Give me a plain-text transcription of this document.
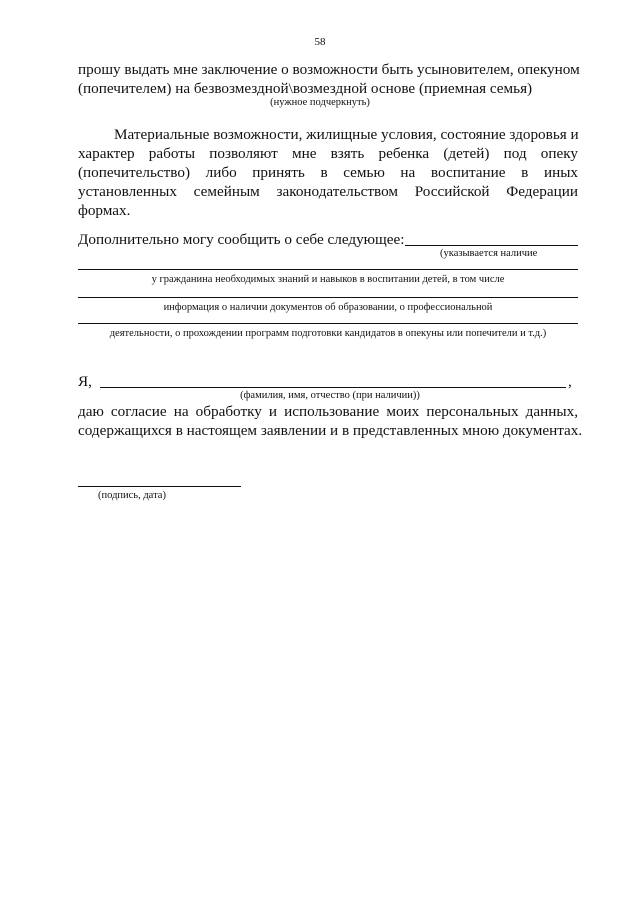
58
прошу выдать мне заключение о возможности быть усыновителем, опекуном
(попечителем) на безвозмездной\возмездной основе (приемная семья)
(нужное подчеркнуть)
Материальные возможности, жилищные условия, состояние здоровья и
характер работы позволяют мне взять ребенка (детей) под опеку
(попечительство) либо принять в семью на воспитание в иных
установленных семейным законодательством Российской Федерации
формах.
Дополнительно могу сообщить о себе следующее:
(указывается наличие
у гражданина необходимых знаний и навыков в воспитании детей, в том числе
информация о наличии документов об образовании, о профессиональной
деятельности, о прохождении программ подготовки кандидатов в опекуны или попечители и т.д.)
Я,	,
(фамилия, имя, отчество (при наличии))
даю согласие на обработку и использование моих персональных данных,
содержащихся в настоящем заявлении и в представленных мною документах.
(подпись, дата)
